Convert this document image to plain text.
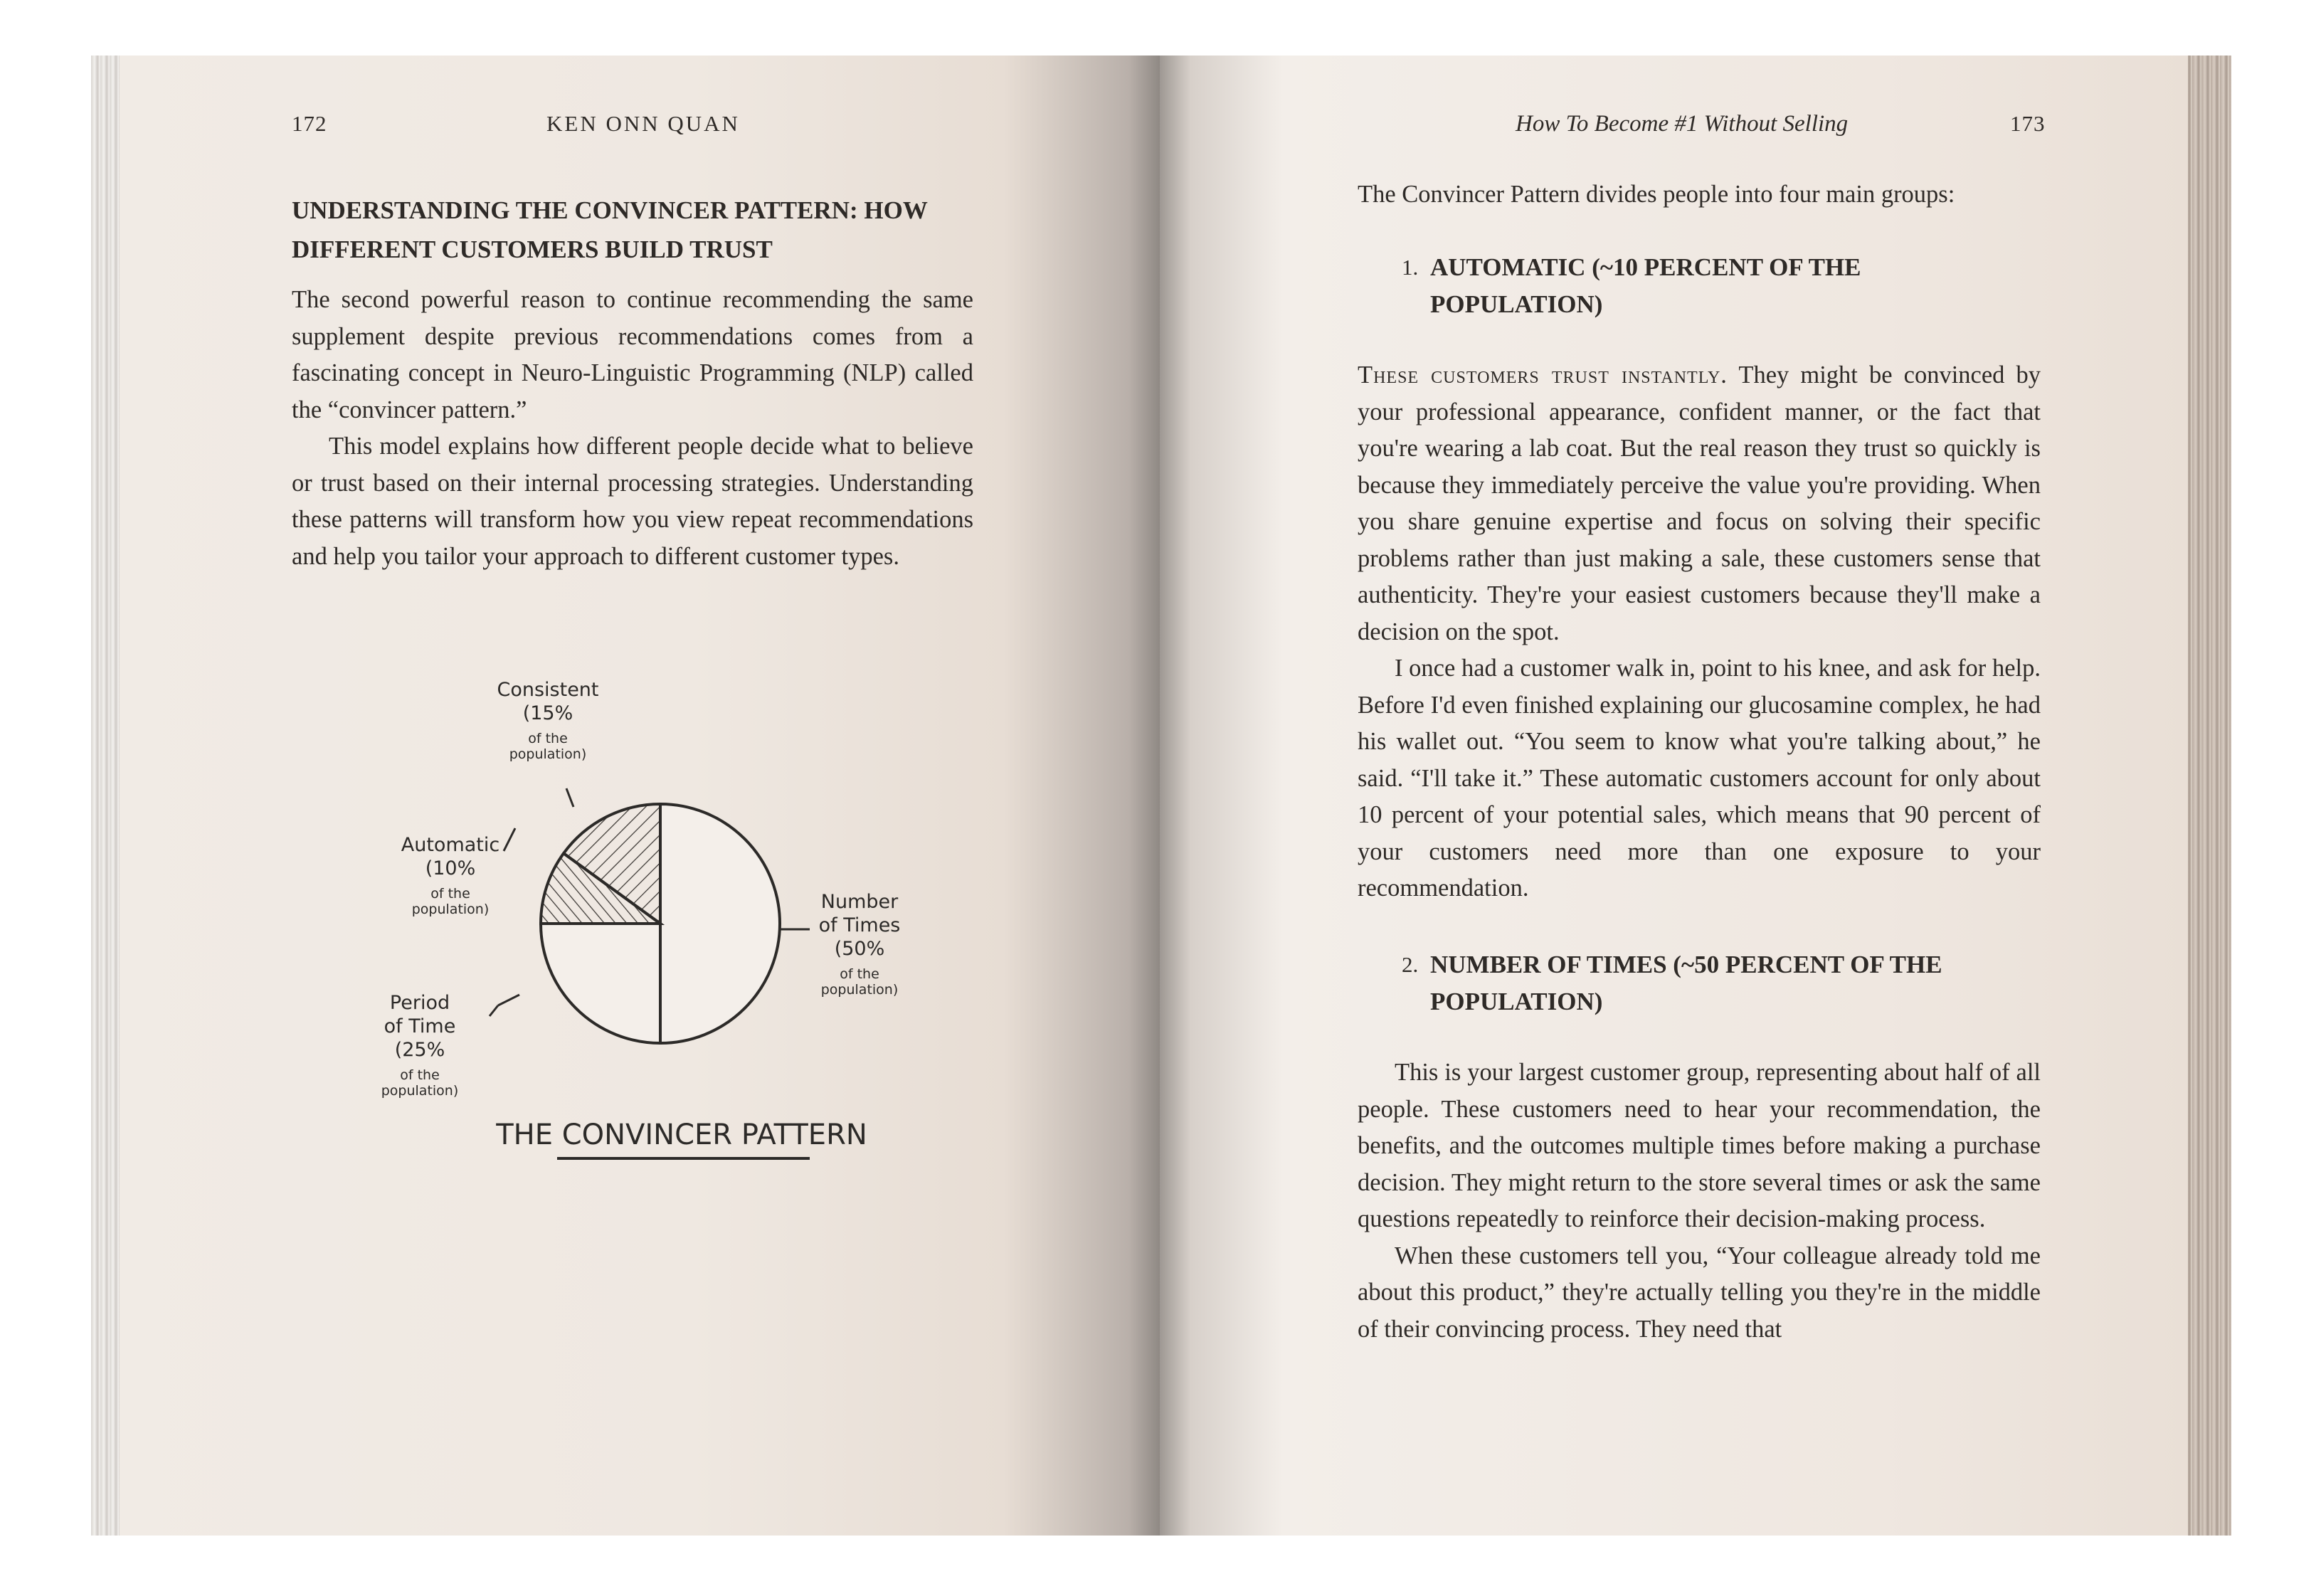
172	KEN ONN QUAN
UNDERSTANDING THE CONVINCER PATTERN: HOW DIFFERENT CUSTOMERS BUILD TRUST

The second powerful reason to continue recommending the same supplement despite previous recommendations comes from a fascinating concept in Neuro-Linguistic Programming (NLP) called the “convincer pattern.”

This model explains how different people decide what to believe or trust based on their internal processing strategies. Understanding these patterns will transform how you view repeat recommendations and help you tailor your approach to different customer types.

Consistent
(15%
of the
population)
Automatic
(10%
of the
population)
Period
of Time
(25%
of the
population)
Number
of Times
(50%
of the
population)
THE CONVINCER PATTERN
How To Become #1 Without Selling	173
The Convincer Pattern divides people into four main groups:
1. AUTOMATIC (~10 PERCENT OF THE POPULATION)

These customers trust instantly. They might be convinced by your professional appearance, confident manner, or the fact that you're wearing a lab coat. But the real reason they trust so quickly is because they immediately perceive the value you're providing. When you share genuine expertise and focus on solving their specific problems rather than just making a sale, these customers sense that authenticity. They're your easiest customers because they'll make a decision on the spot.

I once had a customer walk in, point to his knee, and ask for help. Before I'd even finished explaining our glucosamine complex, he had his wallet out. “You seem to know what you're talking about,” he said. “I'll take it.” These automatic customers account for only about 10 percent of your potential sales, which means that 90 percent of your customers need more than one exposure to your recommendation.

2. NUMBER OF TIMES (~50 PERCENT OF THE POPULATION)

This is your largest customer group, representing about half of all people. These customers need to hear your recommendation, the benefits, and the outcomes multiple times before making a purchase decision. They might return to the store several times or ask the same questions repeatedly to reinforce their decision-making process.

When these customers tell you, “Your colleague already told me about this product,” they're actually telling you they're in the middle of their convincing process. They need that
